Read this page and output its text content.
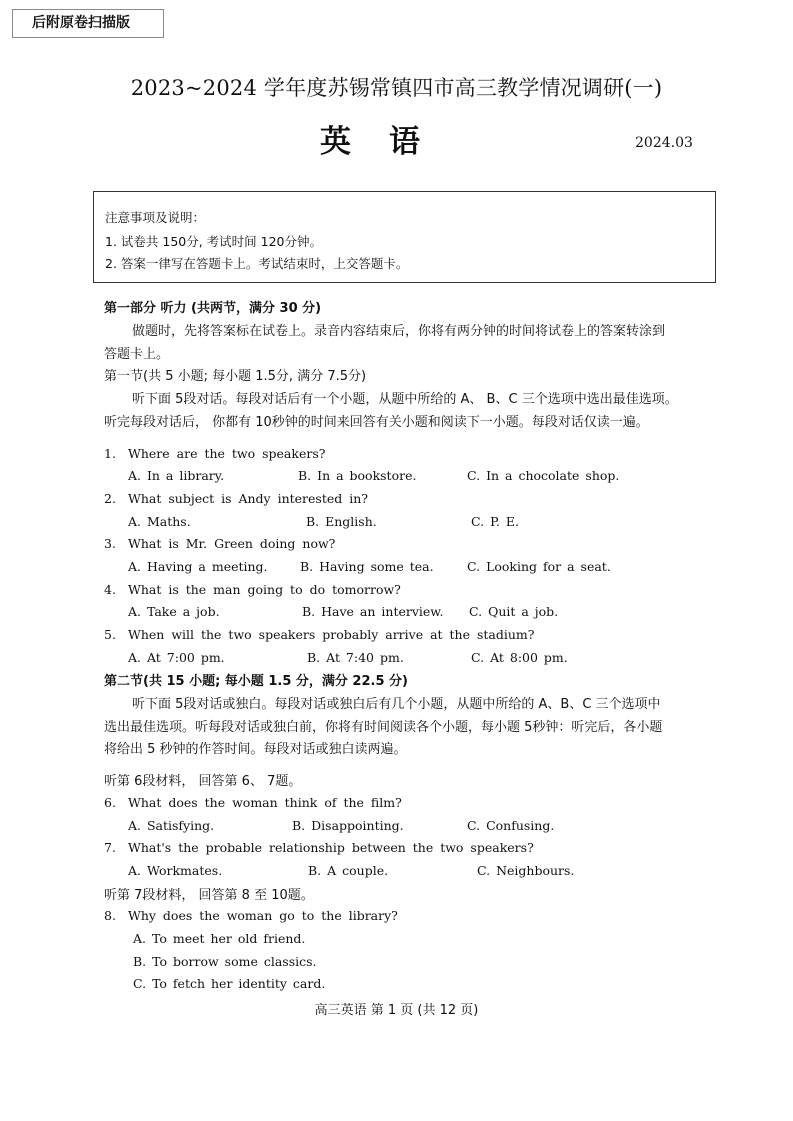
后附原卷扫描版
2023~2024 学年度苏锡常镇四市高三教学情况调研(一)
英语	2024.03
注意事项及说明：
1. 试卷共 150分, 考试时间 120分钟。
2. 答案一律写在答题卡上。考试结束时，上交答题卡。
第一部分 听力 (共两节，满分 30 分)
做题时，先将答案标在试卷上。录音内容结束后，你将有两分钟的时间将试卷上的答案转涂到
答题卡上。
第一节(共 5 小题; 每小题 1.5分, 满分 7.5分)
听下面 5段对话。每段对话后有一个小题，从题中所给的 A、 B、C 三个选项中选出最佳选项。
听完每段对话后， 你都有 10秒钟的时间来回答有关小题和阅读下一小题。每段对话仅读一遍。
1. Where are the two speakers?
A. In a library.	B. In a bookstore.	C. In a chocolate shop.
2. What subject is Andy interested in?
A. Maths.	B. English.	C. P. E.
3. What is Mr. Green doing now?
A. Having a meeting.	B. Having some tea.	C. Looking for a seat.
4. What is the man going to do tomorrow?
A. Take a job.	B. Have an interview. C. Quit a job.
5. When will the two speakers probably arrive at the stadium?
A. At 7:00 pm.	B. At 7:40 pm.	C. At 8:00 pm.
第二节(共 15 小题; 每小题 1.5 分，满分 22.5 分)
听下面 5段对话或独白。每段对话或独白后有几个小题，从题中所给的 A、B、C 三个选项中
选出最佳选项。听每段对话或独白前，你将有时间阅读各个小题，每小题 5秒钟：听完后，各小题
将给出 5 秒钟的作答时间。每段对话或独白读两遍。
听第 6段材料， 回答第 6、 7题。
6. What does the woman think of the film?
A. Satisfying.	B. Disappointing.	C. Confusing.
7. What's the probable relationship between the two speakers?
A. Workmates.	B. A couple.	C. Neighbours.
听第 7段材料， 回答第 8 至 10题。
8. Why does the woman go to the library?
A. To meet her old friend.
B. To borrow some classics.
C. To fetch her identity card.
高三英语 第 1 页 (共 12 页)
